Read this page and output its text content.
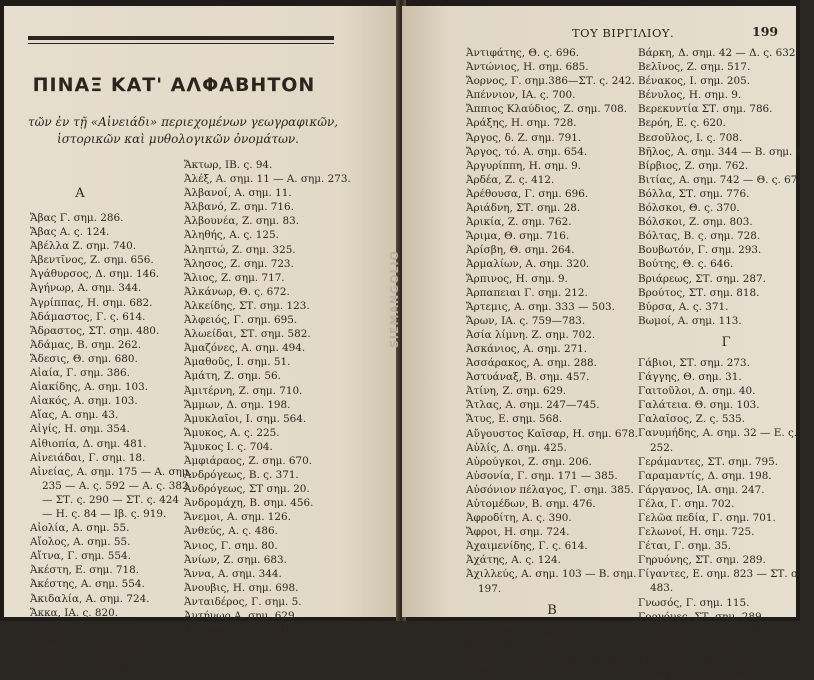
ΠΙΝΑΞ ΚΑΤ' ΑΛΦΑΒΗΤΟΝ
τῶν ἐν τῇ «Αἰνειάδι» περιεχομένων γεωγραφικῶν,
ἱστορικῶν καὶ μυθολογικῶν ὀνομάτων.
Α
Ἄβας Γ. σημ. 286.
Ἄβας Α. ς. 124.
Ἀβέλλα Ζ. σημ. 740.
Ἀβεντῖνος, Ζ. σημ. 656.
Ἀγάθυρσος, Δ. σημ. 146.
Ἀγήνωρ, Α. σημ. 344.
Ἀγρίππας, Η. σημ. 682.
Ἀδάμαστος, Γ. ς. 614.
Ἄδραστος, ΣΤ. σημ. 480.
Ἀδάμας, Β. σημ. 262.
Ἄδεσις, Θ. σημ. 680.
Αἰαία, Γ. σημ. 386.
Αἰακίδης, Α. σημ. 103.
Αἰακός, Α. σημ. 103.
Αἴας, Α. σημ. 43.
Αἰγίς, Η. σημ. 354.
Αἰθιοπία, Δ. σημ. 481.
Αἰνειάδαι, Γ. σημ. 18.
Αἰνείας, Α. σημ. 175 — Α. σημ.
235 — Α. ς. 592 — Α. ς. 382
— ΣΤ. ς. 290 — ΣΤ. ς. 424
— Η. ς. 84 — Ιβ. ς. 919.
Αἰολία, Α. σημ. 55.
Αἴολος, Α. σημ. 55.
Αἴτνα, Γ. σημ. 554.
Ἀκέστη, Ε. σημ. 718.
Ἀκέστης, Α. σημ. 554.
Ἀκιδαλία, Α. σημ. 724.
Ἄκκα, ΙΑ. ς. 820.
Ἀκοίτης, ΙΑ. ς. 32.
Ἀκράγας, Γ. σημ. 703.
Ἀκρίσιος, Ζ. ς. 410.
Ἄκτιον, Γ. σημ. 280.
Ἄκτωρ, ΙΒ. ς. 94.
Ἀλέξ, Α. σημ. 11 — Α. σημ. 273.
Ἀλβανοί, Α. σημ. 11.
Ἀλβανό, Ζ. σημ. 716.
Ἀλβουνέα, Ζ. σημ. 83.
Ἀληθής, Α. ς. 125.
Ἀληπτώ, Ζ. σημ. 325.
Ἄλησος, Ζ. σημ. 723.
Ἄλιος, Ζ. σημ. 717.
Ἀλκάνωρ, Θ. ς. 672.
Ἀλκείδης, ΣΤ. σημ. 123.
Ἀλφειός, Γ. σημ. 695.
Ἀλωείδαι, ΣΤ. σημ. 582.
Ἀμαζόνες, Α. σημ. 494.
Ἀμαθοῦς, Ι. σημ. 51.
Ἀμάτη, Ζ. σημ. 56.
Ἀμιτέρνη, Ζ. σημ. 710.
Ἄμμων, Δ. σημ. 198.
Ἀμυκλαῖοι, Ι. σημ. 564.
Ἄμυκος, Α. ς. 225.
Ἄμυκος Ι. ς. 704.
Ἀμφιάραος, Ζ. σημ. 670.
Ἀνδρόγεως, Β. ς. 371.
Ἀνδρόγεως, ΣΤ σημ. 20.
Ἀνδρομάχη, Β. σημ. 456.
Ἄνεμοι, Α. σημ. 126.
Ἀνθεύς, Α. ς. 486.
Ἄνιος, Γ. σημ. 80.
Ἀνίων, Ζ. σημ. 683.
Ἄννα, Α. σημ. 344.
Ἀνουβις, Η. σημ. 698.
Ἀνταιδέρος, Γ. σημ. 5.
Ἀντήνωρ Α. σημ. 629.
Ἀντίνωρ Α. σημ. 246.
ΤΟΥ ΒΙΡΓΙΛΙΟΥ.	199
Ἀντιφάτης, Θ. ς. 696.
Ἀντώνιος, Η. σημ. 685.
Ἄορνος, Γ. σημ.386—ΣΤ. ς. 242.
Ἀπέννιον, ΙΑ. ς. 700.
Ἄππιος Κλαύδιος, Ζ. σημ. 708.
Ἀράξης, Η. σημ. 728.
Ἄργος, δ. Ζ. σημ. 791.
Ἄργος, τό. Α. σημ. 654.
Ἀργυρίππη, Η. σημ. 9.
Ἀρδέα, Ζ. ς. 412.
Ἀρέθουσα, Γ. σημ. 696.
Ἀριάδνη, ΣΤ. σημ. 28.
Ἀρικία, Ζ. σημ. 762.
Ἄριμα, Θ. σημ. 716.
Ἀρίσβη, Θ. σημ. 264.
Ἀρμαλίων, Α. σημ. 320.
Ἄρπινος, Η. σημ. 9.
Ἀρπαπειαι Γ. σημ. 212.
Ἄρτεμις, Α. σημ. 333 — 503.
Ἄρων, ΙΑ. ς. 759—783.
Ἀσία λίμνη. Ζ. σημ. 702.
Ἀσκάνιος, Α. σημ. 271.
Ἀσσάρακος, Α. σημ. 288.
Ἀστυάναξ, Β. σημ. 457.
Ἀτίνη, Ζ. σημ. 629.
Ἄτλας, Α. σημ. 247—745.
Ἄτυς, Ε. σημ. 568.
Αὔγουστος Καῖσαρ, Η. σημ. 678.
Αὐλίς, Δ. σημ. 425.
Αὐρούγκοι, Ζ. σημ. 206.
Αὐσονία, Γ. σημ. 171 — 385.
Αὐσόνιον πέλαγος, Γ. σημ. 385.
Αὐτομέδων, Β. σημ. 476.
Ἀφροδίτη, Α. ς. 390.
Ἄφροι, Η. σημ. 724.
Ἀχαιμενίδης, Γ. ς. 614.
Ἀχάτης, Α. ς. 124.
Ἀχιλλεύς, Α. σημ. 103 — Β. σημ.
197.
Β
Βάθυλον, Ζ. σημ. 739.
Βαῖαι, Θ. σημ. 710.
Βάκχος, Δ. σημ. 302 — ΣΤ. σημ.
805.
Βάρκη, Δ. σημ. 42 — Δ. ς. 632.
Βελῖνος, Ζ. σημ. 517.
Βένακος, Ι. σημ. 205.
Βένυλος, Η. σημ. 9.
Βερεκυντία ΣΤ. σημ. 786.
Βερόη, Ε. ς. 620.
Βεσοῦλος, Ι. ς. 708.
Βῆλος, Α. σημ. 344 — Β. σημ. 81.
Βίρβιος, Ζ. σημ. 762.
Βιτίας, Α. σημ. 742 — Θ. ς. 672.
Βόλλα, ΣΤ. σημ. 776.
Βόλσκοι, Θ. ς. 370.
Βόλσκοι, Ζ. σημ. 803.
Βόλτας, Β. ς. σημ. 728.
Βουβωτόν, Γ. σημ. 293.
Βούτης, Θ. ς. 646.
Βριάρεως, ΣΤ. σημ. 287.
Βρούτος, ΣΤ. σημ. 818.
Βύρσα, Α. ς. 371.
Βωμοί, Α. σημ. 113.
Γ
Γάβιοι, ΣΤ. σημ. 273.
Γάγγης, Θ. σημ. 31.
Γαιτοῦλοι, Δ. σημ. 40.
Γαλάτεια. Θ. σημ. 103.
Γαλαῖσος, Ζ. ς. 535.
Γανυμήδης, Α. σημ. 32 — Ε. ς.
252.
Γεράμαντες, ΣΤ. σημ. 795.
Γαραμαντίς, Δ. σημ. 198.
Γάργανος, ΙΑ. σημ. 247.
Γέλα, Γ. σημ. 702.
Γελῶα πεδία, Γ. σημ. 701.
Γελωνοί, Η. σημ. 725.
Γέται, Γ. σημ. 35.
Γηρυόνης, ΣΤ. σημ. 289.
Γίγαντες, Ε. σημ. 823 — ΣΤ. σημ.
483.
Γνωσός, Γ. σημ. 115.
Γοργόνες, ΣΤ. σημ. 289.
Γραβίσκαι. Ι. σημ. 184.
Γραδίβος, Γ. ς. 35.
Γραικοί Β. σημ. 175.
Γράκχοι, ΣΤ. σημ. 843.
SIEMANGOLIO
